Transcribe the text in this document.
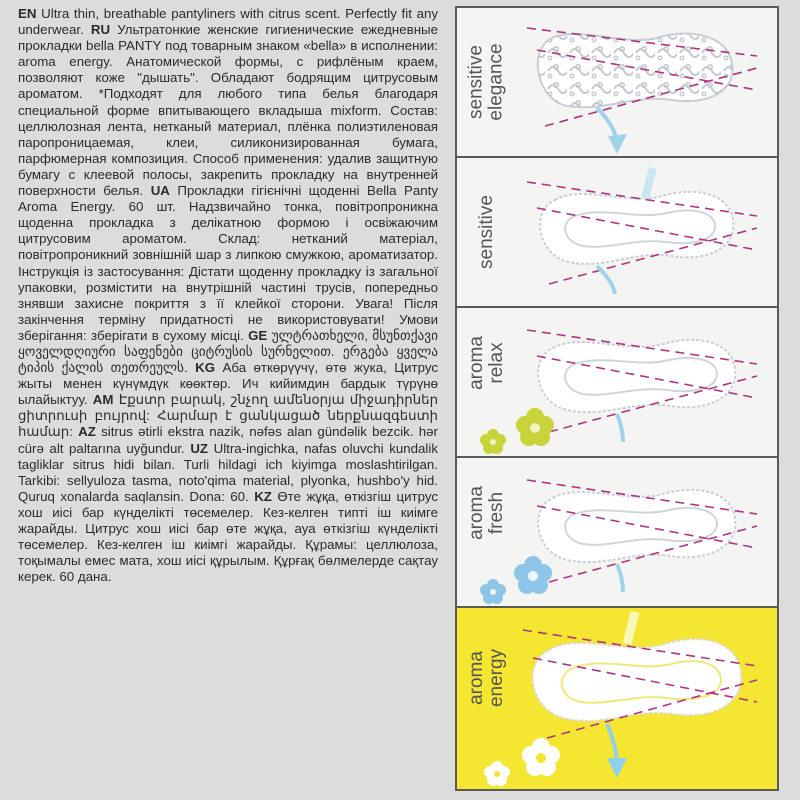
EN Ultra thin, breathable pantyliners with citrus scent. Perfectly fit any underwear. RU Ультратонкие женские гигиенические ежедневные прокладки bella PANTY под товарным знаком «bella» в исполнении: aroma energy. Анатомической формы, с рифлёным краем, позволяют коже "дышать". Обладают бодрящим цитрусовым ароматом. *Подходят для любого типа белья благодаря специальной форме впитывающего вкладыша mixform. Состав: целлюлозная лента, нетканый материал, плёнка полиэтиленовая паропроницаемая, клеи, силиконизированная бумага, парфюмерная композиция. Способ применения: удалив защитную бумагу с клеевой полосы, закрепить прокладку на внутренней поверхности белья. UA Прокладки гігієнічні щоденні Bella Panty Aroma Energy. 60 шт. Надзвичайно тонка, повітропроникна щоденна прокладка з делікатною формою і освіжаючим цитрусовим ароматом. Склад: нетканий матеріал, повітропроникний зовнішній шар з липкою смужкою, ароматизатор. Інструкція із застосування: Дістати щоденну прокладку із загальної упаковки, розмістити на внутрішній частині трусів, попередньо знявши захисне покриття з її клейкої сторони. Увага! Після закінчення терміну придатності не використовувати! Умови зберігання: зберігати в сухому місці. GE ულტრათხელი, მსუნთქავი ყოველდღიური საფენები ციტრუსის სურნელით. ერგება ყველა ტიპის ქალის თეთრეულს. KG Аба өткөрүүчү, өтө жука, Цитрус жыты менен күнүмдүк көөктөр. Ич кийимдин бардык түрүнө ылайыктуу. AM Էքստր բարակ, շնչող ամենօրյա միջադիրներ ցիտրուսի բույրով: Հարմար է ցանկացած ներքնազգեստի համար: AZ sitrus ətirli ekstra nazik, nəfəs alan gündəlik bezcik. hər cürə alt paltarına uyğundur. UZ Ultra-ingichka, nafas oluvchi kundalik tagliklar sitrus hidi bilan. Turli hildagi ich kiyimga moslashtirilgan. Tarkibi: sellyuloza tasma, noto'qima material, plyonka, hushbo'y hid. Quruq xonalarda saqlansin. Dona: 60. KZ Өте жұқа, өткізгіш цитрус хош иісі бар күнделікті төсемелер. Кез-келген типті іш киімге жарайды. Цитрус хош иісі бар өте жұқа, ауа өткізгіш күнделікті төсемелер. Кез-келген іш киімгі жарайды. Құрамы: целлюлоза, тоқымалы емес мата, хош иісі құрылым. Құрғақ бөлмелерде сақтау керек. 60 дана.

sensitive elegance
sensitive
aroma relax
aroma fresh
aroma energy
